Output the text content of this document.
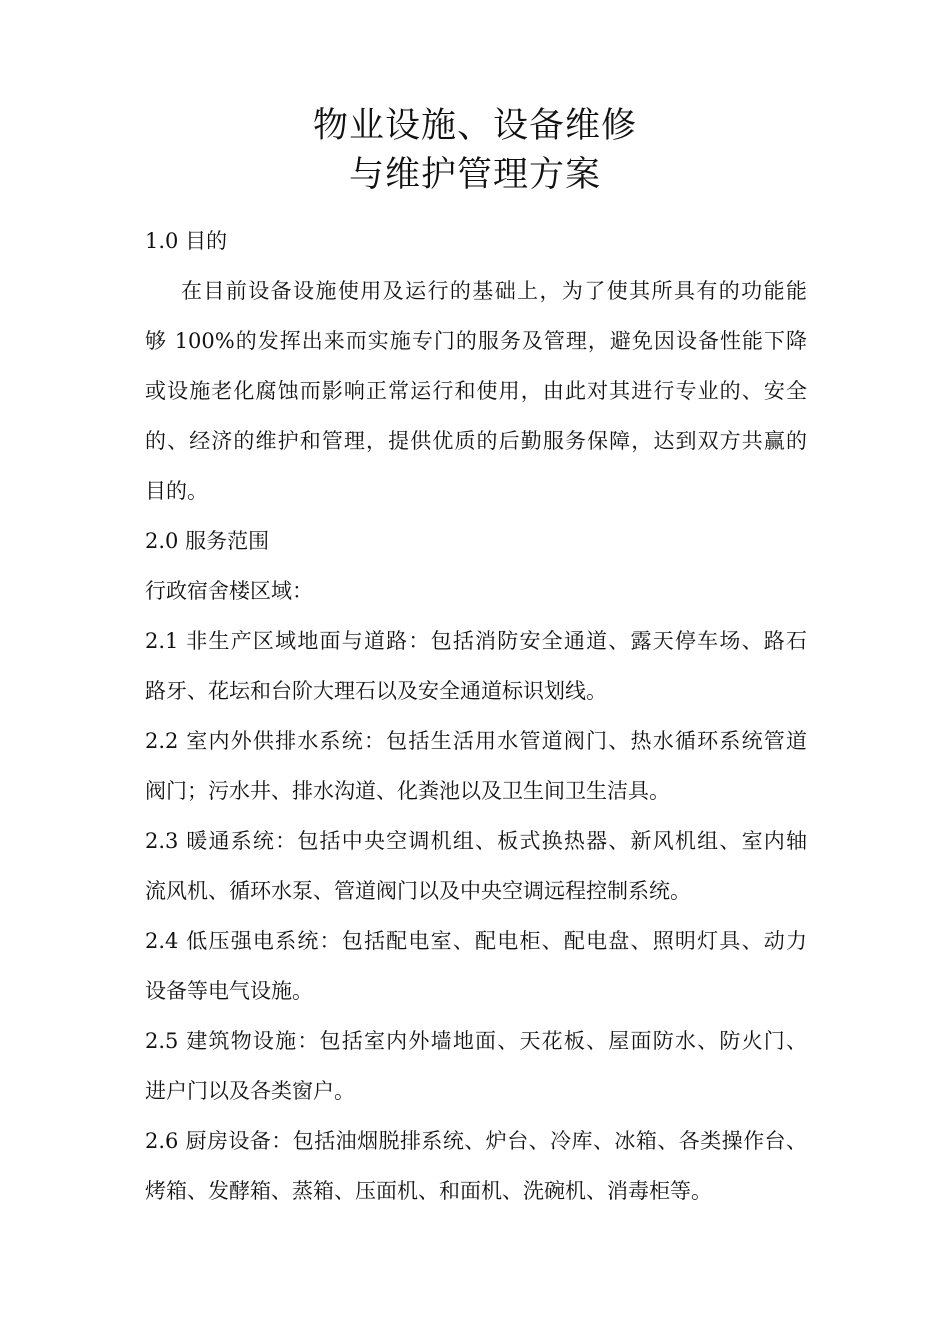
物业设施、设备维修
与维护管理方案
1.0 目的
在目前设备设施使用及运行的基础上，为了使其所具有的功能能
够 100%的发挥出来而实施专门的服务及管理，避免因设备性能下降
或设施老化腐蚀而影响正常运行和使用，由此对其进行专业的、安全
的、经济的维护和管理，提供优质的后勤服务保障，达到双方共赢的
目的。
2.0 服务范围
行政宿舍楼区域：
2.1 非生产区域地面与道路：包括消防安全通道、露天停车场、路石
路牙、花坛和台阶大理石以及安全通道标识划线。
2.2 室内外供排水系统：包括生活用水管道阀门、热水循环系统管道
阀门；污水井、排水沟道、化粪池以及卫生间卫生洁具。
2.3 暖通系统：包括中央空调机组、板式换热器、新风机组、室内轴
流风机、循环水泵、管道阀门以及中央空调远程控制系统。
2.4 低压强电系统：包括配电室、配电柜、配电盘、照明灯具、动力
设备等电气设施。
2.5 建筑物设施：包括室内外墙地面、天花板、屋面防水、防火门、
进户门以及各类窗户。
2.6 厨房设备：包括油烟脱排系统、炉台、冷库、冰箱、各类操作台、
烤箱、发酵箱、蒸箱、压面机、和面机、洗碗机、消毒柜等。
